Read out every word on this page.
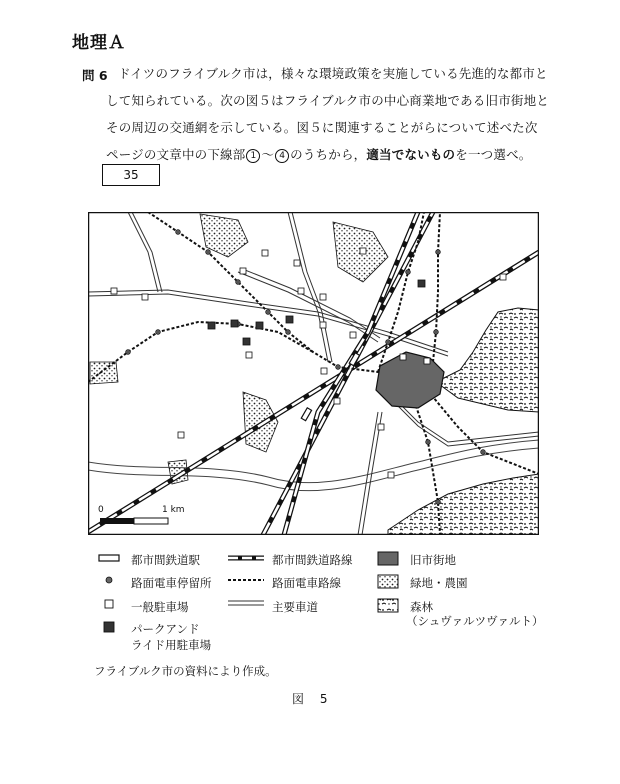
地理Ａ
問 6 ドイツのフライブルク市は，様々な環境政策を実施している先進的な都市と
して知られている。次の図５はフライブルク市の中心商業地である旧市街地と
その周辺の交通網を示している。図５に関連することがらについて述べた次
ページの文章中の下線部 1 ～ 4 のうちから，適当でないものを一つ選べ。
35
0	1 km
都市間鉄道駅
路面電車停留所
一般駐車場
パークアンド
ライド用駐車場
都市間鉄道路線
路面電車路線
主要車道
旧市街地
緑地・農園
森林
（シュヴァルツヴァルト）
フライブルク市の資料により作成。
図 5
